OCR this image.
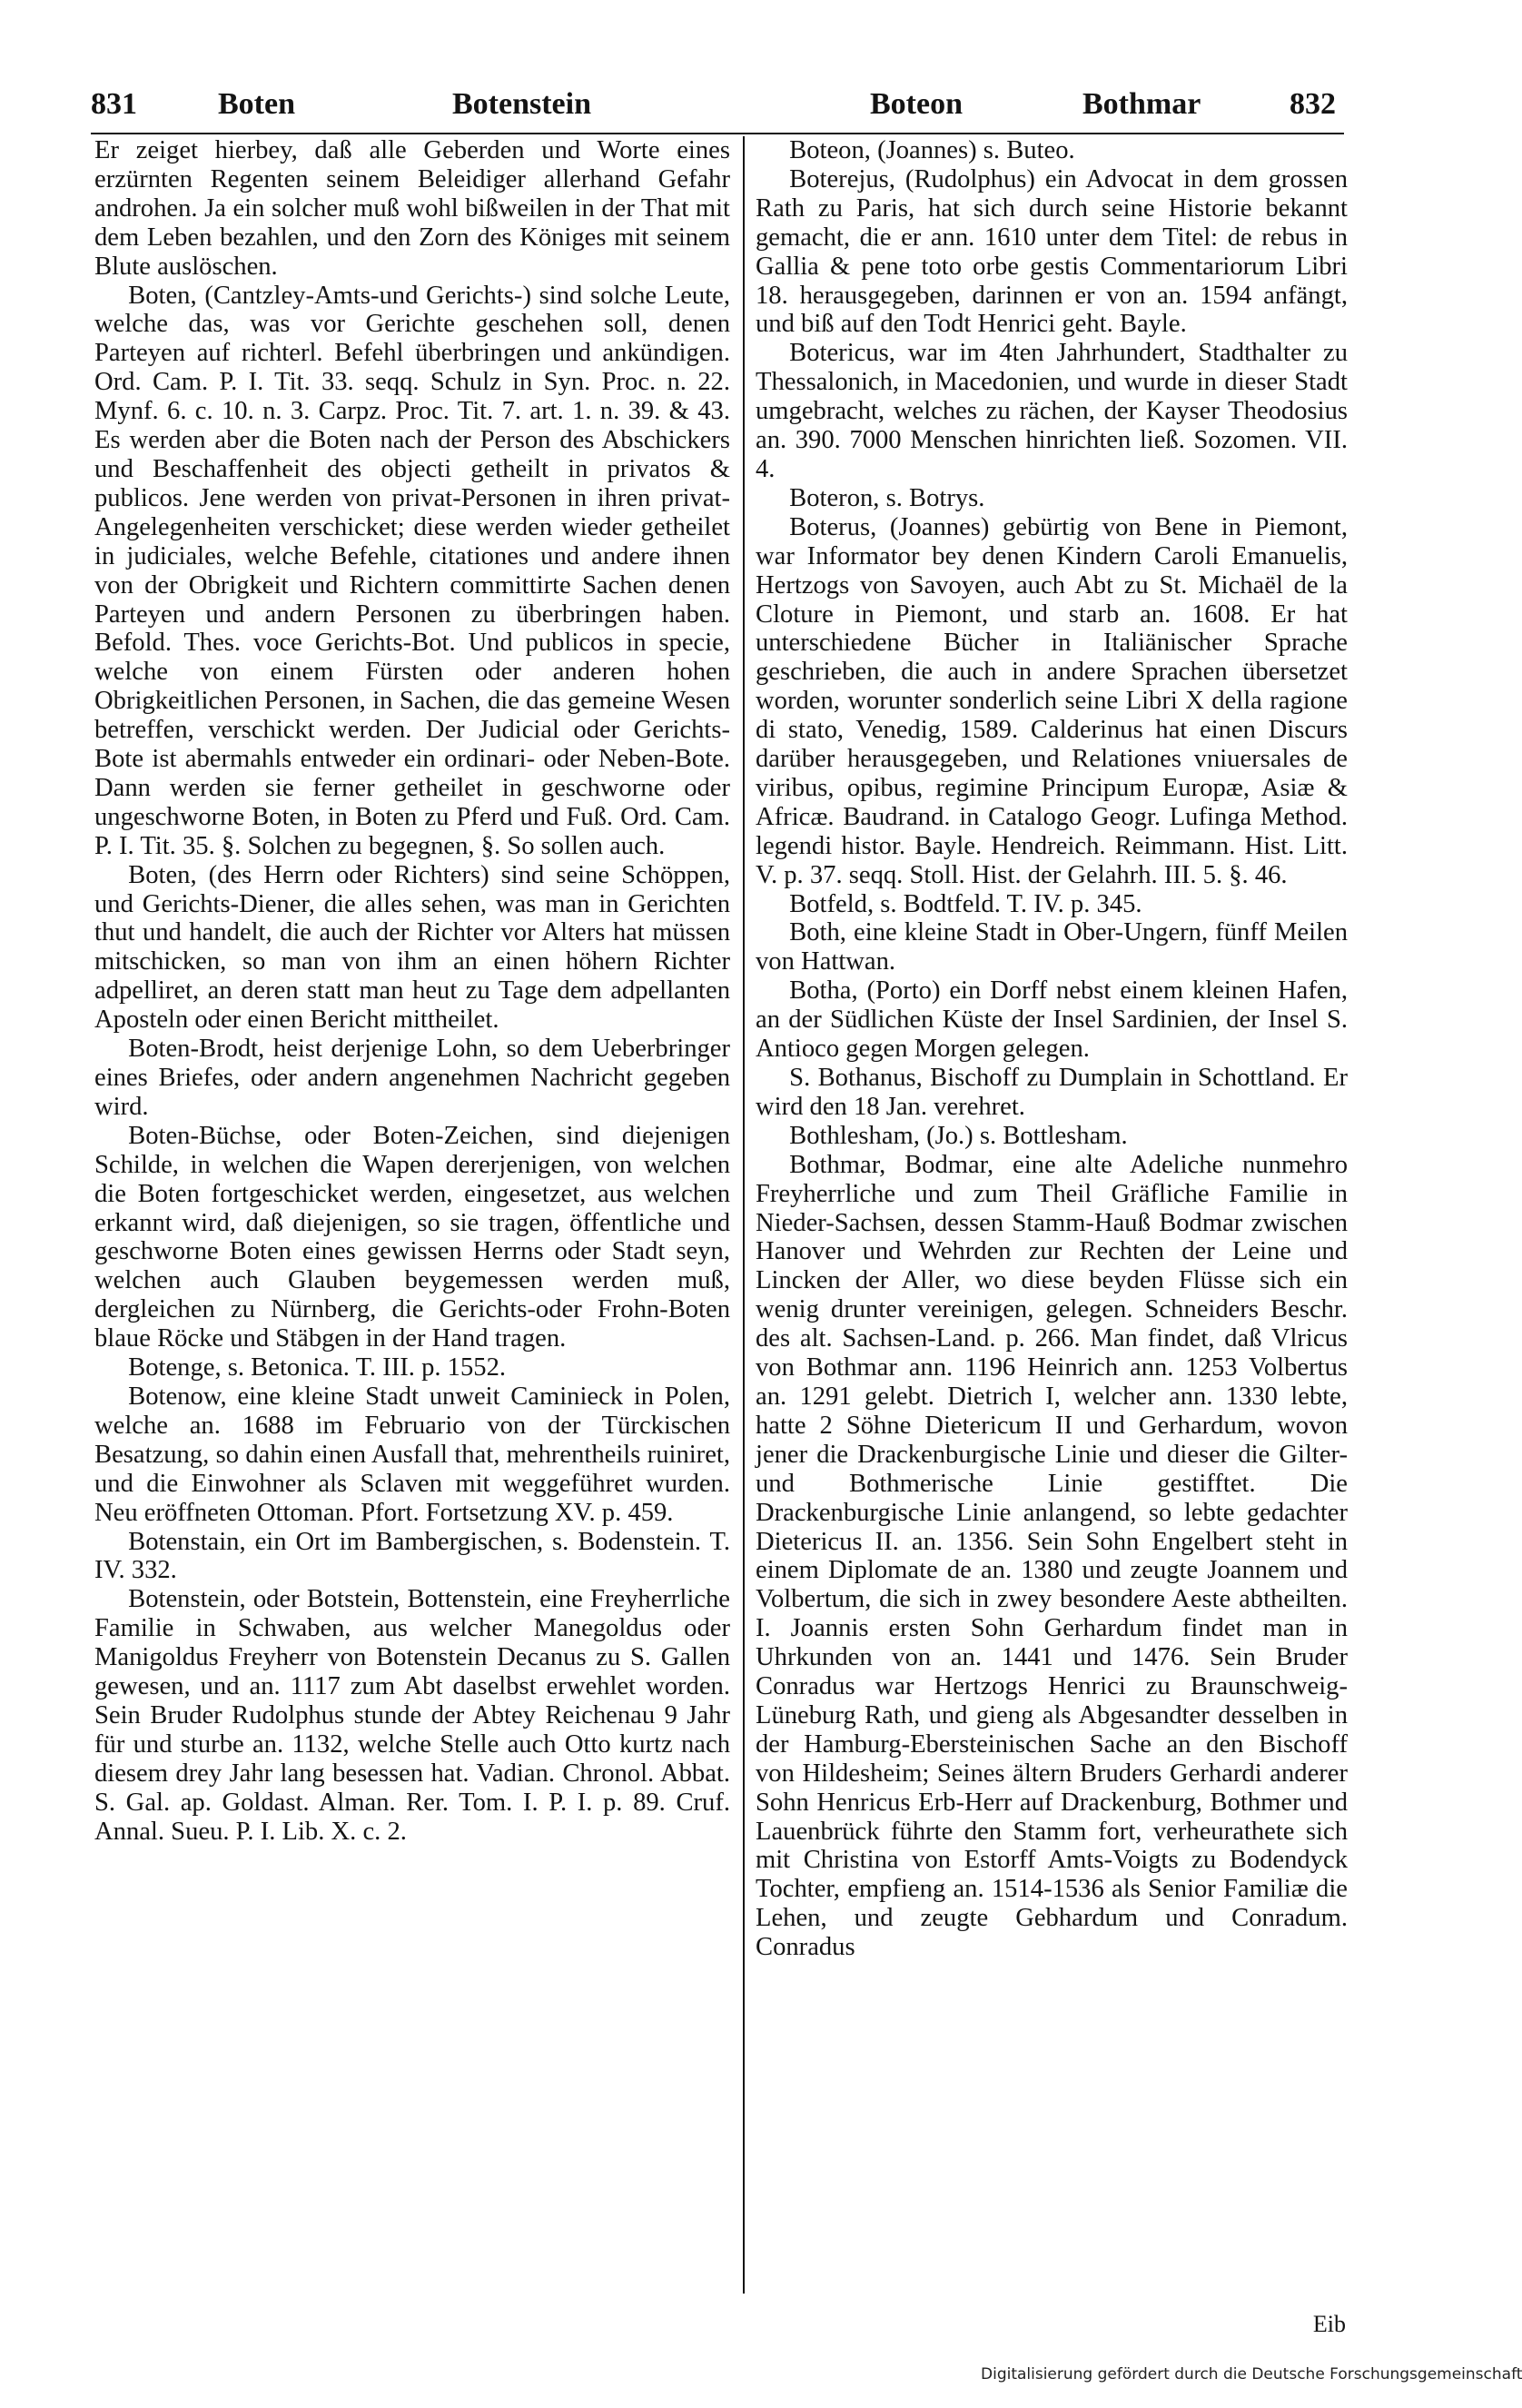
831	Boten	Botenstein	Boteon	Bothmar	832

Er zeiget hierbey, daß alle Geberden und Worte eines erzürnten Regenten seinem Beleidiger allerhand Gefahr androhen. Ja ein solcher muß wohl bißweilen in der That mit dem Leben bezahlen, und den Zorn des Königes mit seinem Blute auslöschen.

Boten, (Cantzley-Amts-und Gerichts-) sind solche Leute, welche das, was vor Gerichte geschehen soll, denen Parteyen auf richterl. Befehl überbringen und ankündigen. Ord. Cam. P. I. Tit. 33. seqq. Schulz in Syn. Proc. n. 22. Mynf. 6. c. 10. n. 3. Carpz. Proc. Tit. 7. art. 1. n. 39. & 43. Es werden aber die Boten nach der Person des Abschickers und Beschaffenheit des objecti getheilt in privatos & publicos. Jene werden von privat-Personen in ihren privat-Angelegenheiten verschicket; diese werden wieder getheilet in judiciales, welche Befehle, citationes und andere ihnen von der Obrigkeit und Richtern committirte Sachen denen Parteyen und andern Personen zu überbringen haben. Befold. Thes. voce Gerichts-Bot. Und publicos in specie, welche von einem Fürsten oder anderen hohen Obrigkeitlichen Personen, in Sachen, die das gemeine Wesen betreffen, verschickt werden. Der Judicial oder Gerichts-Bote ist abermahls entweder ein ordinari- oder Neben-Bote. Dann werden sie ferner getheilet in geschworne oder ungeschworne Boten, in Boten zu Pferd und Fuß. Ord. Cam. P. I. Tit. 35. §. Solchen zu begegnen, §. So sollen auch.

Boten, (des Herrn oder Richters) sind seine Schöppen, und Gerichts-Diener, die alles sehen, was man in Gerichten thut und handelt, die auch der Richter vor Alters hat müssen mitschicken, so man von ihm an einen höhern Richter adpelliret, an deren statt man heut zu Tage dem adpellanten Aposteln oder einen Bericht mittheilet.

Boten-Brodt, heist derjenige Lohn, so dem Ueberbringer eines Briefes, oder andern angenehmen Nachricht gegeben wird.

Boten-Büchse, oder Boten-Zeichen, sind diejenigen Schilde, in welchen die Wapen dererjenigen, von welchen die Boten fortgeschicket werden, eingesetzet, aus welchen erkannt wird, daß diejenigen, so sie tragen, öffentliche und geschworne Boten eines gewissen Herrns oder Stadt seyn, welchen auch Glauben beygemessen werden muß, dergleichen zu Nürnberg, die Gerichts-oder Frohn-Boten blaue Röcke und Stäbgen in der Hand tragen.

Botenge, s. Betonica. T. III. p. 1552.

Botenow, eine kleine Stadt unweit Caminieck in Polen, welche an. 1688 im Februario von der Türckischen Besatzung, so dahin einen Ausfall that, mehrentheils ruiniret, und die Einwohner als Sclaven mit weggeführet wurden. Neu eröffneten Ottoman. Pfort. Fortsetzung XV. p. 459.

Botenstain, ein Ort im Bambergischen, s. Bodenstein. T. IV. 332.

Botenstein, oder Botstein, Bottenstein, eine Freyherrliche Familie in Schwaben, aus welcher Manegoldus oder Manigoldus Freyherr von Botenstein Decanus zu S. Gallen gewesen, und an. 1117 zum Abt daselbst erwehlet worden. Sein Bruder Rudolphus stunde der Abtey Reichenau 9 Jahr für und sturbe an. 1132, welche Stelle auch Otto kurtz nach diesem drey Jahr lang besessen hat. Vadian. Chronol. Abbat. S. Gal. ap. Goldast. Alman. Rer. Tom. I. P. I. p. 89. Cruf. Annal. Sueu. P. I. Lib. X. c. 2.

Boteon, (Joannes) s. Buteo.

Boterejus, (Rudolphus) ein Advocat in dem grossen Rath zu Paris, hat sich durch seine Historie bekannt gemacht, die er ann. 1610 unter dem Titel: de rebus in Gallia & pene toto orbe gestis Commentariorum Libri 18. herausgegeben, darinnen er von an. 1594 anfängt, und biß auf den Todt Henrici geht. Bayle.

Botericus, war im 4ten Jahrhundert, Stadthalter zu Thessalonich, in Macedonien, und wurde in dieser Stadt umgebracht, welches zu rächen, der Kayser Theodosius an. 390. 7000 Menschen hinrichten ließ. Sozomen. VII. 4.

Boteron, s. Botrys.

Boterus, (Joannes) gebürtig von Bene in Piemont, war Informator bey denen Kindern Caroli Emanuelis, Hertzogs von Savoyen, auch Abt zu St. Michaël de la Cloture in Piemont, und starb an. 1608. Er hat unterschiedene Bücher in Italiänischer Sprache geschrieben, die auch in andere Sprachen übersetzet worden, worunter sonderlich seine Libri X della ragione di stato, Venedig, 1589. Calderinus hat einen Discurs darüber herausgegeben, und Relationes vniuersales de viribus, opibus, regimine Principum Europæ, Asiæ & Africæ. Baudrand. in Catalogo Geogr. Lufinga Method. legendi histor. Bayle. Hendreich. Reimmann. Hist. Litt. V. p. 37. seqq. Stoll. Hist. der Gelahrh. III. 5. §. 46.

Botfeld, s. Bodtfeld. T. IV. p. 345.

Both, eine kleine Stadt in Ober-Ungern, fünff Meilen von Hattwan.

Botha, (Porto) ein Dorff nebst einem kleinen Hafen, an der Südlichen Küste der Insel Sardinien, der Insel S. Antioco gegen Morgen gelegen.

S. Bothanus, Bischoff zu Dumplain in Schottland. Er wird den 18 Jan. verehret.

Bothlesham, (Jo.) s. Bottlesham.

Bothmar, Bodmar, eine alte Adeliche nunmehro Freyherrliche und zum Theil Gräfliche Familie in Nieder-Sachsen, dessen Stamm-Hauß Bodmar zwischen Hanover und Wehrden zur Rechten der Leine und Lincken der Aller, wo diese beyden Flüsse sich ein wenig drunter vereinigen, gelegen. Schneiders Beschr. des alt. Sachsen-Land. p. 266. Man findet, daß Vlricus von Bothmar ann. 1196 Heinrich ann. 1253 Volbertus an. 1291 gelebt. Dietrich I, welcher ann. 1330 lebte, hatte 2 Söhne Dietericum II und Gerhardum, wovon jener die Drackenburgische Linie und dieser die Gilter- und Bothmerische Linie gestifftet. Die Drackenburgische Linie anlangend, so lebte gedachter Dietericus II. an. 1356. Sein Sohn Engelbert steht in einem Diplomate de an. 1380 und zeugte Joannem und Volbertum, die sich in zwey besondere Aeste abtheilten. I. Joannis ersten Sohn Gerhardum findet man in Uhrkunden von an. 1441 und 1476. Sein Bruder Conradus war Hertzogs Henrici zu Braunschweig-Lüneburg Rath, und gieng als Abgesandter desselben in der Hamburg-Ebersteinischen Sache an den Bischoff von Hildesheim; Seines ältern Bruders Gerhardi anderer Sohn Henricus Erb-Herr auf Drackenburg, Bothmer und Lauenbrück führte den Stamm fort, verheurathete sich mit Christina von Estorff Amts-Voigts zu Bodendyck Tochter, empfieng an. 1514-1536 als Senior Familiæ die Lehen, und zeugte Gebhardum und Conradum. Conradus

Eib
Digitalisierung gefördert durch die Deutsche Forschungsgemeinschaft
